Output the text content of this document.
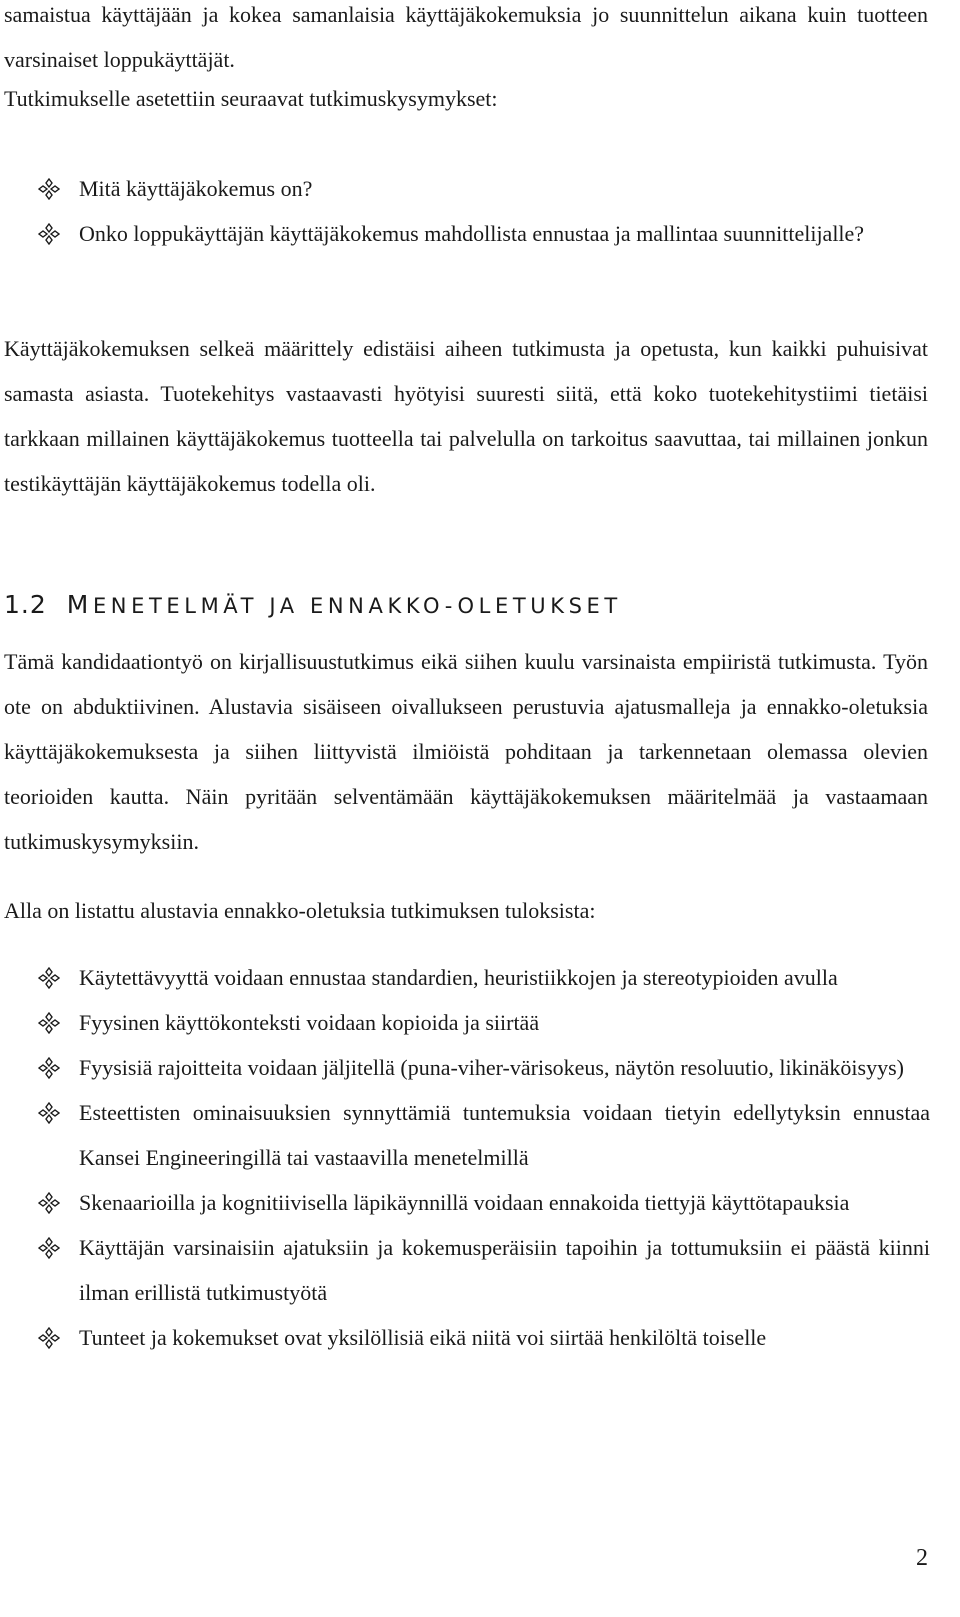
samaistua käyttäjään ja kokea samanlaisia käyttäjäkokemuksia jo suunnittelun aikana kuin tuotteen varsinaiset loppukäyttäjät.

Tutkimukselle asetettiin seuraavat tutkimuskysymykset:

Mitä käyttäjäkokemus on?
Onko loppukäyttäjän käyttäjäkokemus mahdollista ennustaa ja mallintaa suunnittelijalle?

Käyttäjäkokemuksen selkeä määrittely edistäisi aiheen tutkimusta ja opetusta, kun kaikki puhuisivat samasta asiasta. Tuotekehitys vastaavasti hyötyisi suuresti siitä, että koko tuotekehitystiimi tietäisi tarkkaan millainen käyttäjäkokemus tuotteella tai palvelulla on tarkoitus saavuttaa, tai millainen jonkun testikäyttäjän käyttäjäkokemus todella oli.

1.2 MENETELMÄT JA ENNAKKO-OLETUKSET

Tämä kandidaationtyö on kirjallisuustutkimus eikä siihen kuulu varsinaista empiiristä tutkimusta. Työn ote on abduktiivinen. Alustavia sisäiseen oivallukseen perustuvia ajatusmalleja ja ennakko-oletuksia käyttäjäkokemuksesta ja siihen liittyvistä ilmiöistä pohditaan ja tarkennetaan olemassa olevien teorioiden kautta. Näin pyritään selventämään käyttäjäkokemuksen määritelmää ja vastaamaan tutkimuskysymyksiin.

Alla on listattu alustavia ennakko-oletuksia tutkimuksen tuloksista:

Käytettävyyttä voidaan ennustaa standardien, heuristiikkojen ja stereotypioiden avulla
Fyysinen käyttökonteksti voidaan kopioida ja siirtää
Fyysisiä rajoitteita voidaan jäljitellä (puna-viher-värisokeus, näytön resoluutio, likinäköisyys)
Esteettisten ominaisuuksien synnyttämiä tuntemuksia voidaan tietyin edellytyksin ennustaa Kansei Engineeringillä tai vastaavilla menetelmillä
Skenaarioilla ja kognitiivisella läpikäynnillä voidaan ennakoida tiettyjä käyttötapauksia
Käyttäjän varsinaisiin ajatuksiin ja kokemusperäisiin tapoihin ja tottumuksiin ei päästä kiinni ilman erillistä tutkimustyötä
Tunteet ja kokemukset ovat yksilöllisiä eikä niitä voi siirtää henkilöltä toiselle
2
